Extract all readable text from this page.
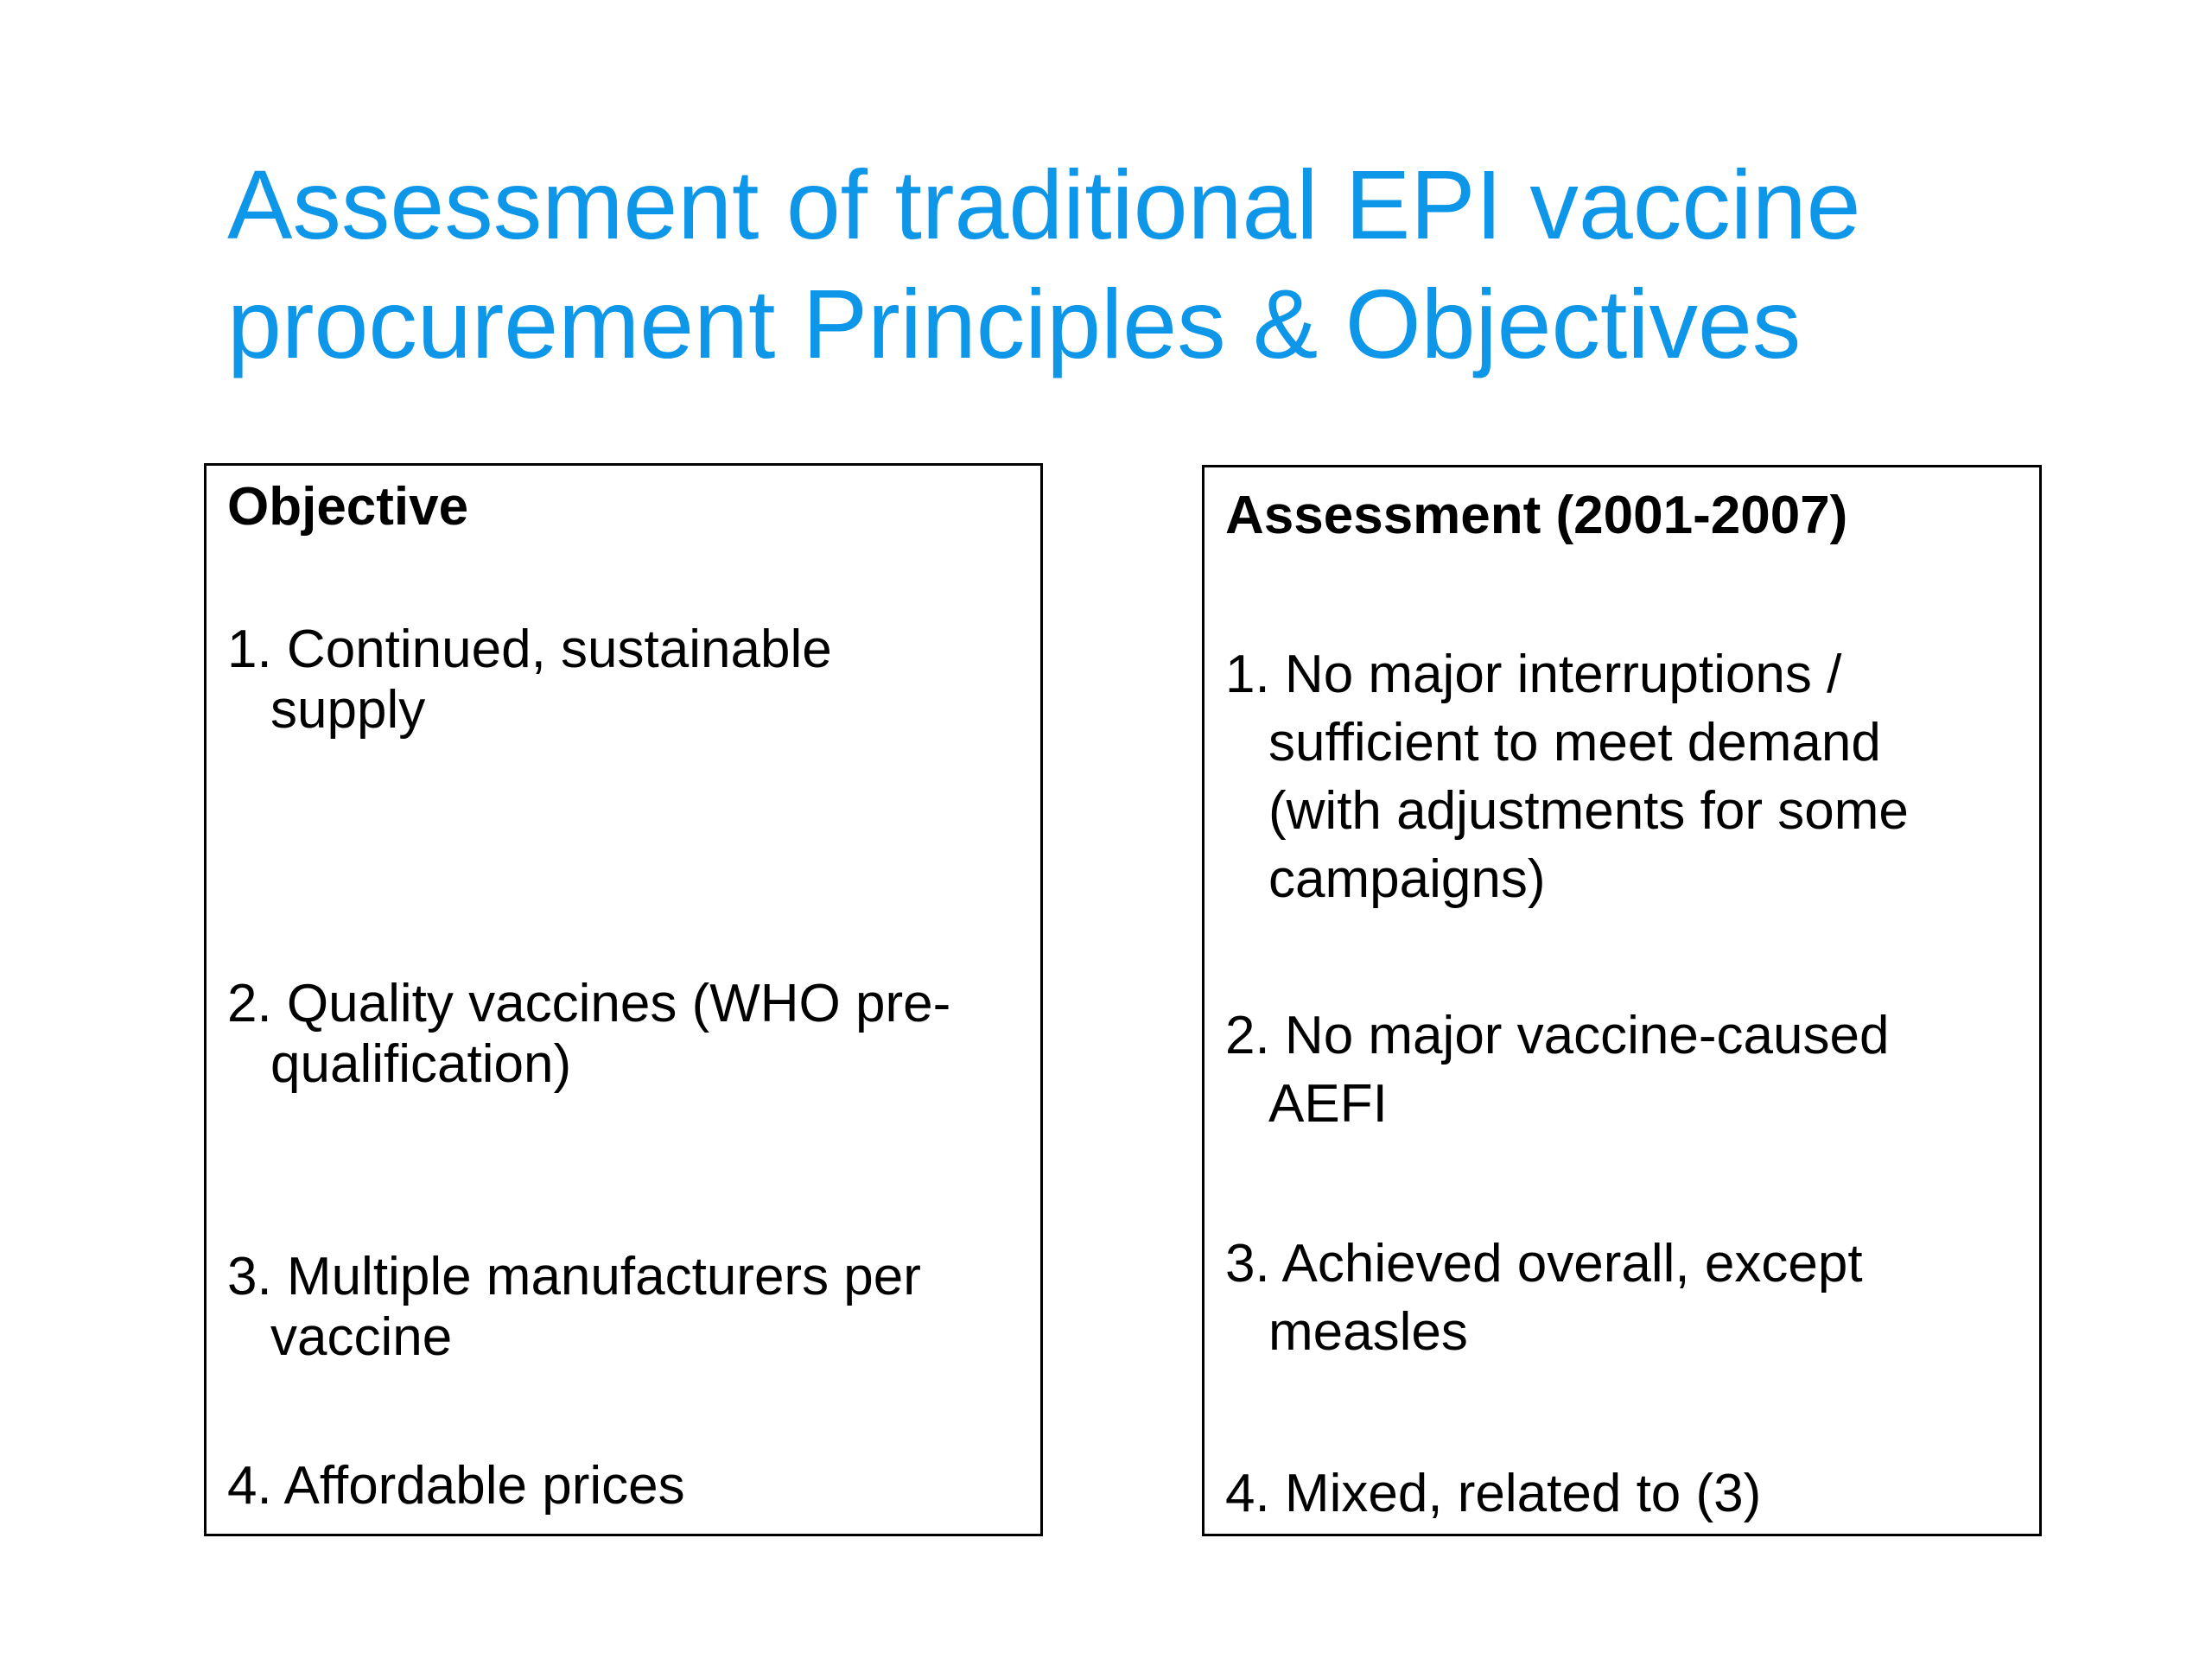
Assessment of traditional EPI vaccine
procurement Principles & Objectives
Objective
1. Continued, sustainable
supply
2. Quality vaccines (WHO pre-
qualification)
3. Multiple manufacturers per
vaccine
4. Affordable prices
Assessment (2001-2007)
1. No major interruptions /
sufficient to meet demand
(with adjustments for some
campaigns)
2. No major vaccine-caused
AEFI
3. Achieved overall, except
measles
4. Mixed, related to (3)
